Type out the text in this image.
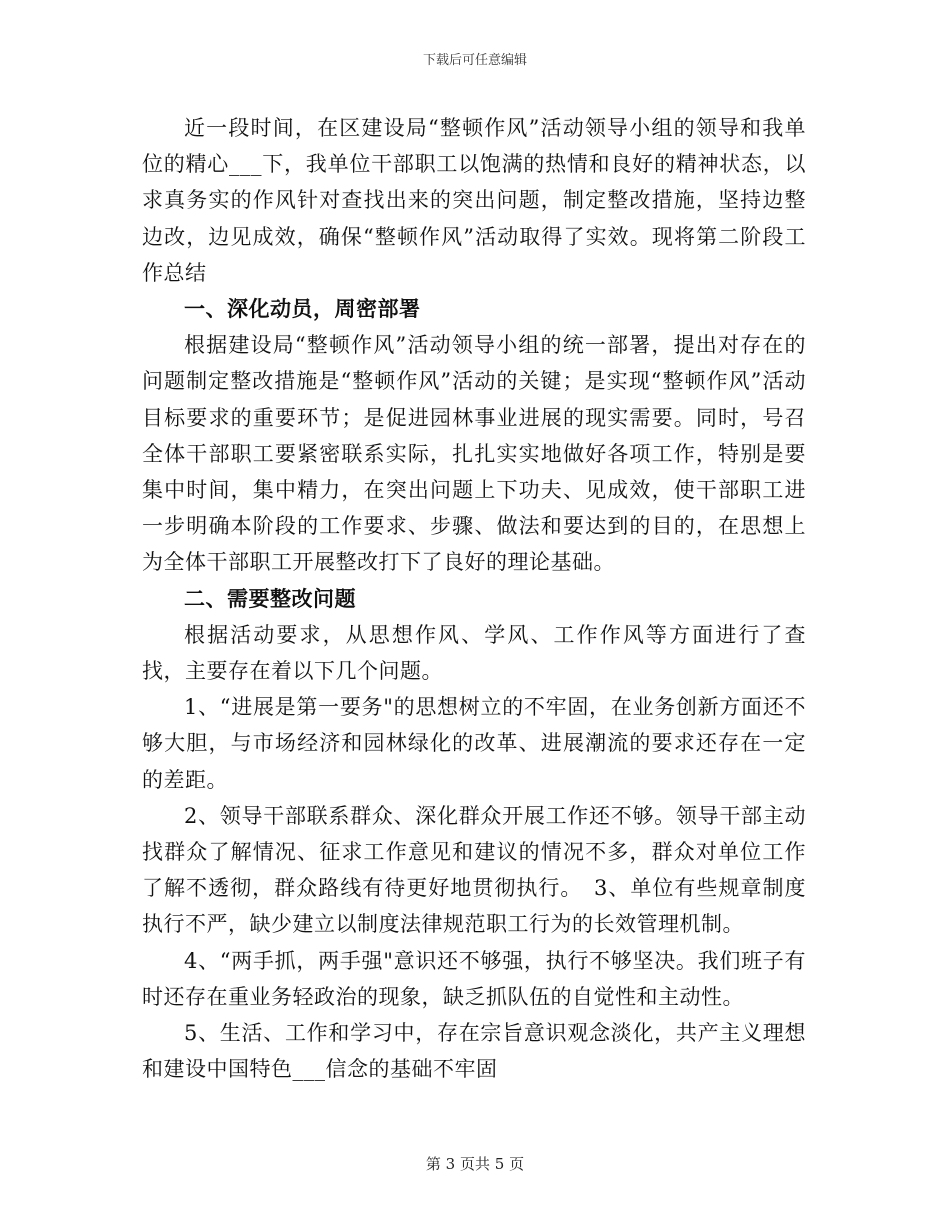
下载后可任意编辑

近一段时间，在区建设局“整顿作风”活动领导小组的领导和我单位的精心___下，我单位干部职工以饱满的热情和良好的精神状态，以求真务实的作风针对查找出来的突出问题，制定整改措施，坚持边整边改，边见成效，确保“整顿作风”活动取得了实效。现将第二阶段工作总结

一、深化动员，周密部署

根据建设局“整顿作风”活动领导小组的统一部署，提出对存在的问题制定整改措施是“整顿作风”活动的关键；是实现“整顿作风”活动目标要求的重要环节；是促进园林事业进展的现实需要。同时，号召全体干部职工要紧密联系实际，扎扎实实地做好各项工作，特别是要集中时间，集中精力，在突出问题上下功夫、见成效，使干部职工进一步明确本阶段的工作要求、步骤、做法和要达到的目的，在思想上为全体干部职工开展整改打下了良好的理论基础。

二、需要整改问题

根据活动要求，从思想作风、学风、工作作风等方面进行了查找，主要存在着以下几个问题。

1、“进展是第一要务"的思想树立的不牢固，在业务创新方面还不够大胆，与市场经济和园林绿化的改革、进展潮流的要求还存在一定的差距。

2、领导干部联系群众、深化群众开展工作还不够。领导干部主动找群众了解情况、征求工作意见和建议的情况不多，群众对单位工作了解不透彻，群众路线有待更好地贯彻执行。　3、单位有些规章制度执行不严，缺少建立以制度法律规范职工行为的长效管理机制。

4、“两手抓，两手强"意识还不够强，执行不够坚决。我们班子有时还存在重业务轻政治的现象，缺乏抓队伍的自觉性和主动性。

5、生活、工作和学习中，存在宗旨意识观念淡化，共产主义理想和建设中国特色___信念的基础不牢固

第 3 页共 5 页
